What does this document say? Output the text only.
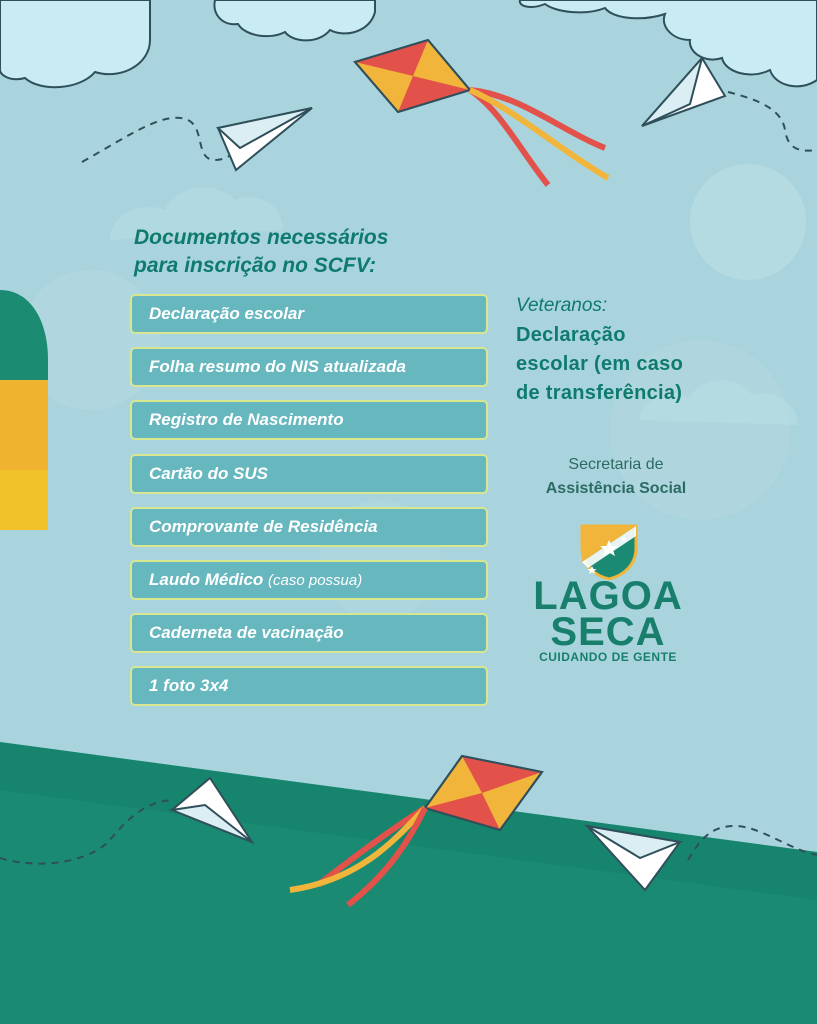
Documentos necessários
para inscrição no SCFV:
Declaração escolar
Folha resumo do NIS atualizada
Registro de Nascimento
Cartão do SUS
Comprovante de Residência
Laudo Médico (caso possua)
Caderneta de vacinação
1 foto 3x4
Veteranos:
Declaração
escolar (em caso
de transferência)
Secretaria de
Assistência Social
LAGOA
SECA
CUIDANDO DE GENTE
